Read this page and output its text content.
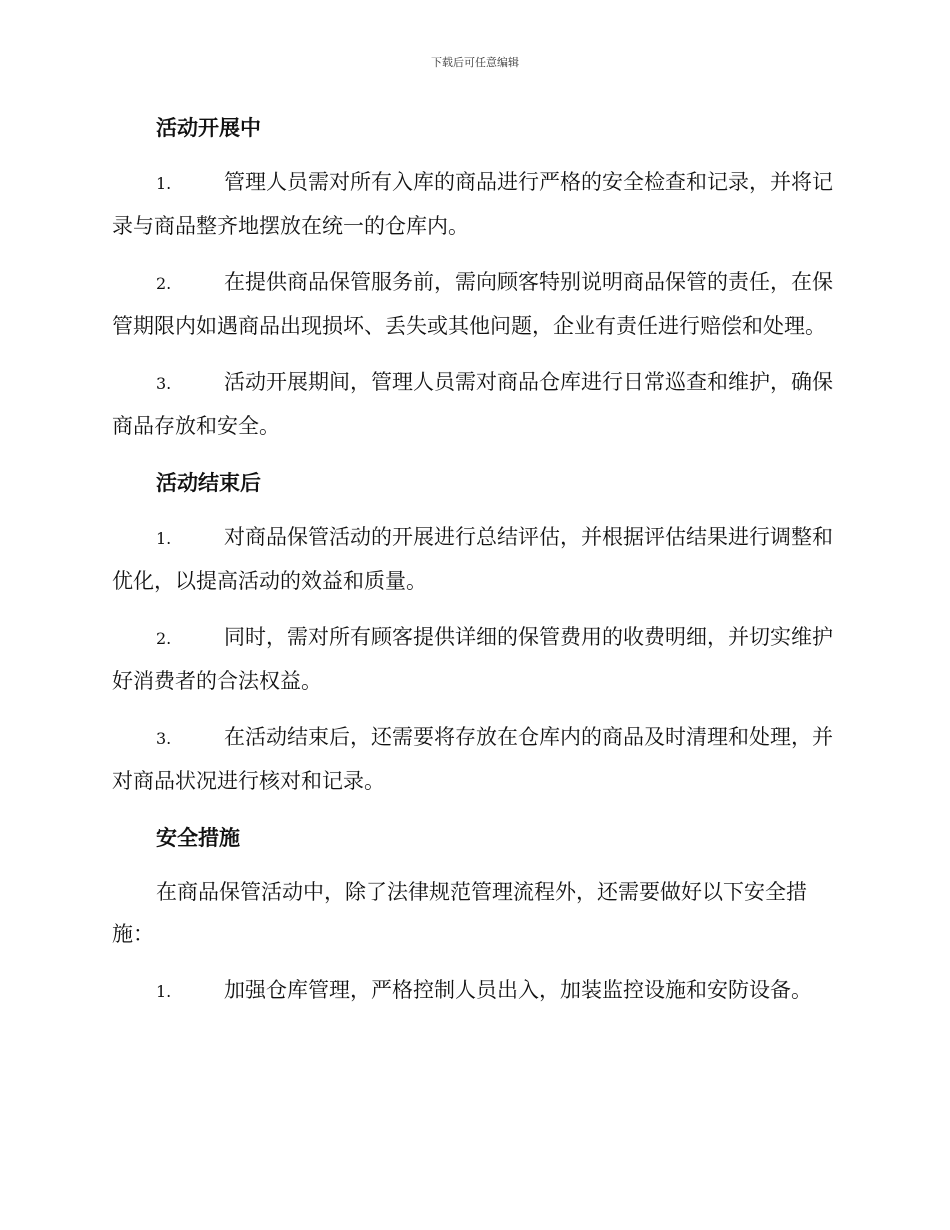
下载后可任意编辑
活动开展中
1.	管理人员需对所有入库的商品进行严格的安全检查和记录，并将记录与商品整齐地摆放在统一的仓库内。
2.	在提供商品保管服务前，需向顾客特别说明商品保管的责任，在保管期限内如遇商品出现损坏、丢失或其他问题，企业有责任进行赔偿和处理。
3.	活动开展期间，管理人员需对商品仓库进行日常巡查和维护，确保商品存放和安全。
活动结束后
1.	对商品保管活动的开展进行总结评估，并根据评估结果进行调整和优化，以提高活动的效益和质量。
2.	同时，需对所有顾客提供详细的保管费用的收费明细，并切实维护好消费者的合法权益。
3.	在活动结束后，还需要将存放在仓库内的商品及时清理和处理，并对商品状况进行核对和记录。
安全措施
在商品保管活动中，除了法律规范管理流程外，还需要做好以下安全措施：
1.	加强仓库管理，严格控制人员出入，加装监控设施和安防设备。
